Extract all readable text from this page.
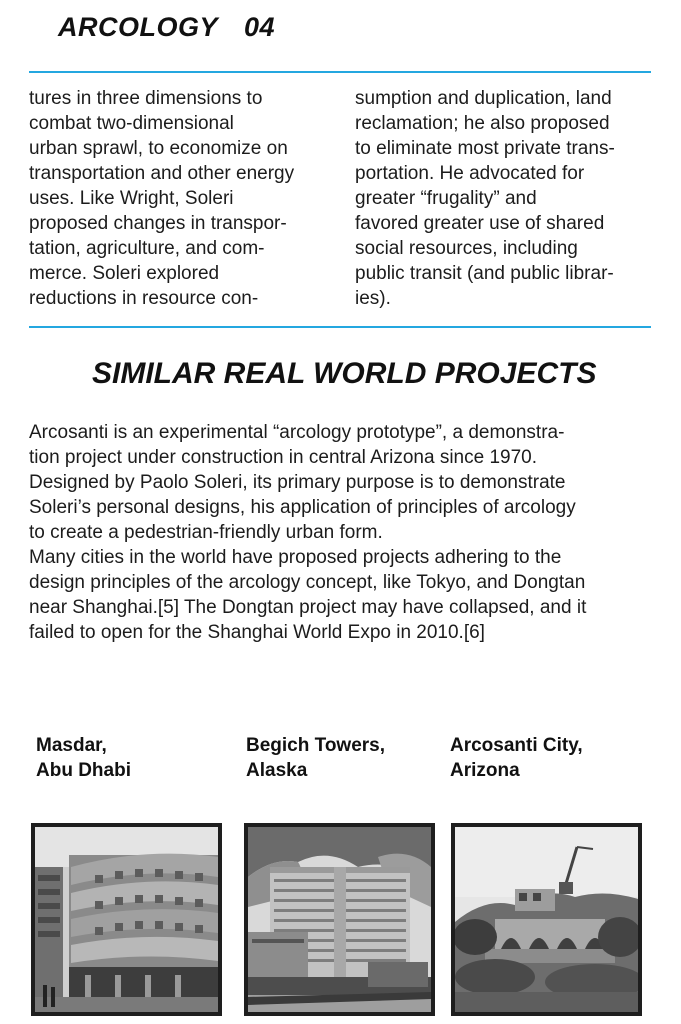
ARCOLOGY 04
tures in three dimensions to
combat two-dimensional
urban sprawl, to economize on
transportation and other energy
uses. Like Wright, Soleri
proposed changes in transpor-
tation, agriculture, and com-
merce. Soleri explored
reductions in resource con-
sumption and duplication, land
reclamation; he also proposed
to eliminate most private trans-
portation. He advocated for
greater “frugality” and
favored greater use of shared
social resources, including
public transit (and public librar-
ies).
SIMILAR REAL WORLD PROJECTS
Arcosanti is an experimental “arcology prototype”, a demonstra-
tion project under construction in central Arizona since 1970.
Designed by Paolo Soleri, its primary purpose is to demonstrate
Soleri’s personal designs, his application of principles of arcology
to create a pedestrian-friendly urban form.
Many cities in the world have proposed projects adhering to the
design principles of the arcology concept, like Tokyo, and Dongtan
near Shanghai.[5] The Dongtan project may have collapsed, and it
failed to open for the Shanghai World Expo in 2010.[6]
Masdar,
Abu Dhabi
Begich Towers,
Alaska
Arcosanti City,
Arizona
